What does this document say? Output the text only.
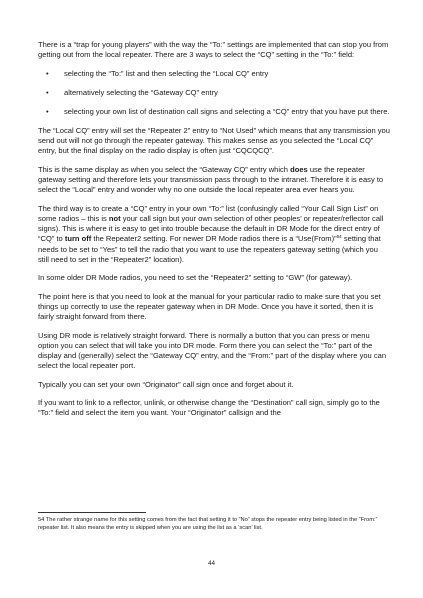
There is a “trap for young players” with the way the “To:” settings are implemented that can stop you from getting out from the local repeater. There are 3 ways to select the “CQ” setting in the “To:” field:

• selecting the “To:” list and then selecting the “Local CQ” entry
• alternatively selecting the “Gateway CQ” entry
• selecting your own list of destination call signs and selecting a “CQ” entry that you have put there.

The “Local CQ” entry will set the “Repeater 2” entry to “Not Used” which means that any transmission you send out will not go through the repeater gateway. This makes sense as you selected the “Local CQ” entry, but the final display on the radio display is often just “CQCQCQ”.

This is the same display as when you select the “Gateway CQ” entry which does use the repeater gateway setting and therefore lets your transmission pass through to the intranet. Therefore it is easy to select the “Local” entry and wonder why no one outside the local repeater area ever hears you.

The third way is to create a “CQ” entry in your own “To:” list (confusingly called “Your Call Sign List” on some radios – this is not your call sign but your own selection of other peoples’ or repeater/reflector call signs). This is where it is easy to get into trouble because the default in DR Mode for the direct entry of “CQ” to turn off the Repeater2 setting. For newer DR Mode radios there is a “Use(From)”$^{54}$ setting that needs to be set to “Yes” to tell the radio that you want to use the repeaters gateway setting (which you still need to set in the “Repeater2” location).

In some older DR Mode radios, you need to set the “Repeater2” setting to “GW” (for gateway).

The point here is that you need to look at the manual for your particular radio to make sure that you set things up correctly to use the repeater gateway when in DR Mode. Once you have it sorted, then it is fairly straight forward from there.

Using DR mode is relatively straight forward. There is normally a button that you can press or menu option you can select that will take you into DR mode. Form there you can select the “To:” part of the display and (generally) select the “Gateway CQ” entry, and the “From:” part of the display where you can select the local repeater port.

Typically you can set your own “Originator” call sign once and forget about it.

If you want to link to a reflector, unlink, or otherwise change the “Destination” call sign, simply go to the “To:” field and select the item you want. Your “Originator” callsign and the

54 The rather strange name for this setting comes from the fact that setting it to “No” stops the repeater entry being listed in the “From:” repeater list. It also means the entry is skipped when you are using the list as a ‘scan’ list.
44
